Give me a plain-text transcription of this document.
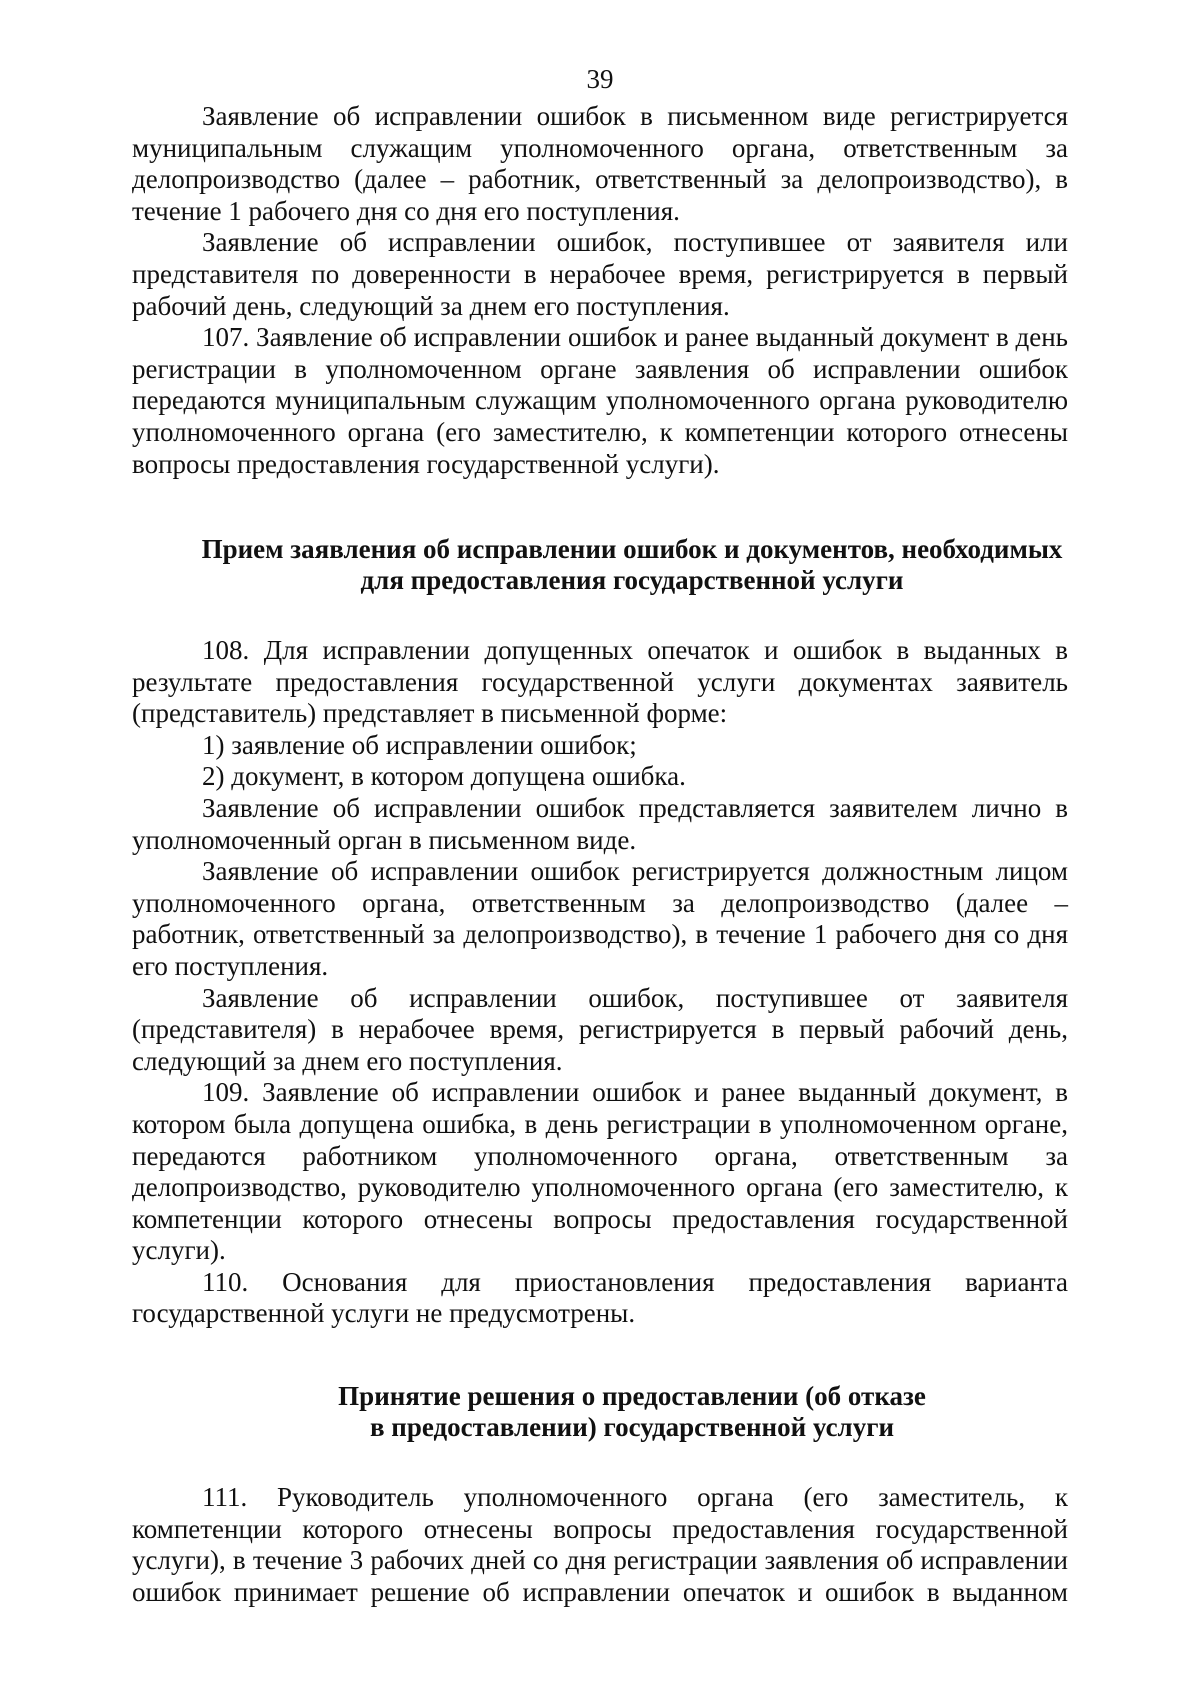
39

Заявление об исправлении ошибок в письменном виде регистрируется муниципальным служащим уполномоченного органа, ответственным за делопроизводство (далее – работник, ответственный за делопроизводство), в течение 1 рабочего дня со дня его поступления.

Заявление об исправлении ошибок, поступившее от заявителя или представителя по доверенности в нерабочее время, регистрируется в первый рабочий день, следующий за днем его поступления.

107. Заявление об исправлении ошибок и ранее выданный документ в день регистрации в уполномоченном органе заявления об исправлении ошибок передаются муниципальным служащим уполномоченного органа руководителю уполномоченного органа (его заместителю, к компетенции которого отнесены вопросы предоставления государственной услуги).

Прием заявления об исправлении ошибок и документов, необходимых

для предоставления государственной услуги

108. Для исправлении допущенных опечаток и ошибок в выданных в результате предоставления государственной услуги документах заявитель (представитель) представляет в письменной форме:

1) заявление об исправлении ошибок;

2) документ, в котором допущена ошибка.

Заявление об исправлении ошибок представляется заявителем лично в уполномоченный орган в письменном виде.

Заявление об исправлении ошибок регистрируется должностным лицом уполномоченного органа, ответственным за делопроизводство (далее – работник, ответственный за делопроизводство), в течение 1 рабочего дня со дня его поступления.

Заявление об исправлении ошибок, поступившее от заявителя (представителя) в нерабочее время, регистрируется в первый рабочий день, следующий за днем его поступления.

109. Заявление об исправлении ошибок и ранее выданный документ, в котором была допущена ошибка, в день регистрации в уполномоченном органе, передаются работником уполномоченного органа, ответственным за делопроизводство, руководителю уполномоченного органа (его заместителю, к компетенции которого отнесены вопросы предоставления государственной услуги).

110. Основания для приостановления предоставления варианта государственной услуги не предусмотрены.

Принятие решения о предоставлении (об отказе

в предоставлении) государственной услуги

111. Руководитель уполномоченного органа (его заместитель, к компетенции которого отнесены вопросы предоставления государственной услуги), в течение 3 рабочих дней со дня регистрации заявления об исправлении ошибок принимает решение об исправлении опечаток и ошибок в выданном
